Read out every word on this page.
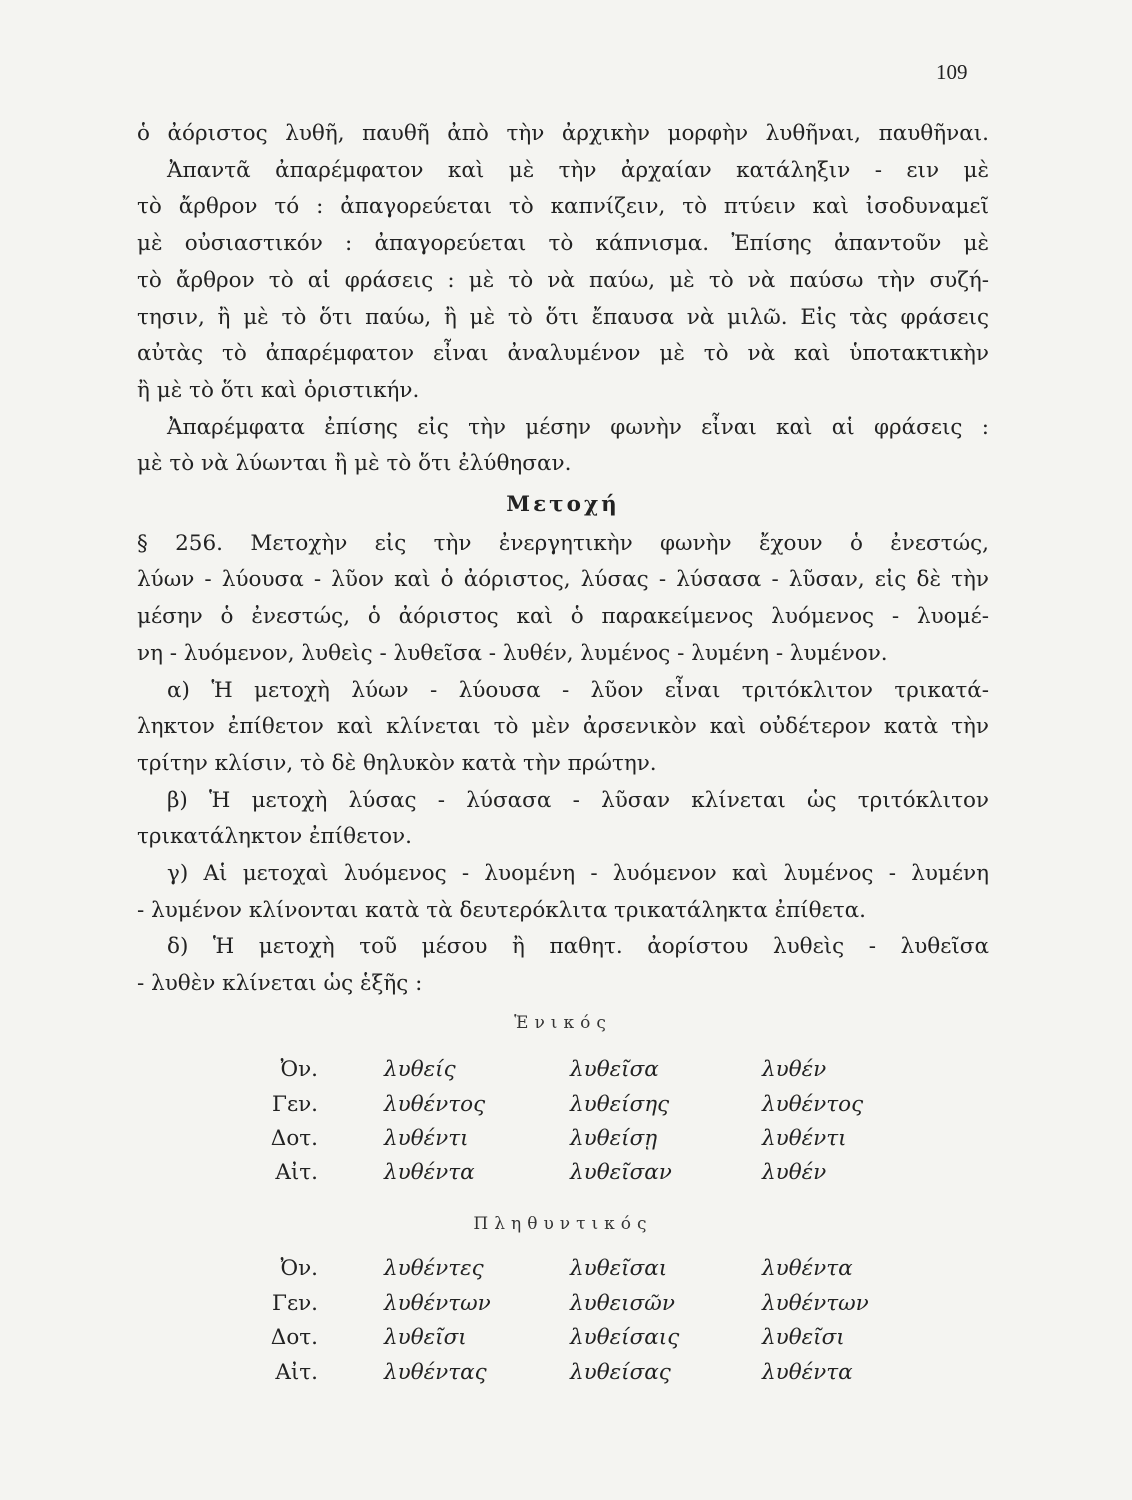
109
ὁ ἀόριστος λυθῆ, παυθῆ ἀπὸ τὴν ἀρχικὴν μορφὴν λυθῆναι, παυθῆναι.
Ἀπαντᾶ ἀπαρέμφατον καὶ μὲ τὴν ἀρχαίαν κατάληξιν - ειν μὲ
τὸ ἄρθρον τό : ἀπαγορεύεται τὸ καπνίζειν, τὸ πτύειν καὶ ἰσοδυναμεῖ
μὲ οὐσιαστικόν : ἀπαγορεύεται τὸ κάπνισμα. Ἐπίσης ἀπαντοῦν μὲ
τὸ ἄρθρον τὸ αἱ φράσεις : μὲ τὸ νὰ παύω, μὲ τὸ νὰ παύσω τὴν συζή-
τησιν, ἢ μὲ τὸ ὅτι παύω, ἢ μὲ τὸ ὅτι ἔπαυσα νὰ μιλῶ. Εἰς τὰς φράσεις
αὐτὰς τὸ ἀπαρέμφατον εἶναι ἀναλυμένον μὲ τὸ νὰ καὶ ὑποτακτικὴν
ἢ μὲ τὸ ὅτι καὶ ὁριστικήν.
Ἀπαρέμφατα ἐπίσης εἰς τὴν μέσην φωνὴν εἶναι καὶ αἱ φράσεις :
μὲ τὸ νὰ λύωνται ἢ μὲ τὸ ὅτι ἐλύθησαν.
Μετοχή
§ 256. Μετοχὴν εἰς τὴν ἐνεργητικὴν φωνὴν ἔχουν ὁ ἐνεστώς,
λύων - λύουσα - λῦον καὶ ὁ ἀόριστος, λύσας - λύσασα - λῦσαν, εἰς δὲ τὴν
μέσην ὁ ἐνεστώς, ὁ ἀόριστος καὶ ὁ παρακείμενος λυόμενος - λυομέ-
νη - λυόμενον, λυθεὶς - λυθεῖσα - λυθέν, λυμένος - λυμένη - λυμένον.
α) Ἡ μετοχὴ λύων - λύουσα - λῦον εἶναι τριτόκλιτον τρικατά-
ληκτον ἐπίθετον καὶ κλίνεται τὸ μὲν ἀρσενικὸν καὶ οὐδέτερον κατὰ τὴν
τρίτην κλίσιν, τὸ δὲ θηλυκὸν κατὰ τὴν πρώτην.
β) Ἡ μετοχὴ λύσας - λύσασα - λῦσαν κλίνεται ὡς τριτόκλιτον
τρικατάληκτον ἐπίθετον.
γ) Αἱ μετοχαὶ λυόμενος - λυομένη - λυόμενον καὶ λυμένος - λυμένη
- λυμένον κλίνονται κατὰ τὰ δευτερόκλιτα τρικατάληκτα ἐπίθετα.
δ) Ἡ μετοχὴ τοῦ μέσου ἢ παθητ. ἀορίστου λυθεὶς - λυθεῖσα
- λυθὲν κλίνεται ὡς ἑξῆς :
Ἑνικός
Ὀν.	λυθείς	λυθεῖσα	λυθέν
Γεν.	λυθέντος	λυθείσης	λυθέντος
Δοτ.	λυθέντι	λυθείσῃ	λυθέντι
Αἰτ.	λυθέντα	λυθεῖσαν	λυθέν
Πληθυντικός
Ὀν.	λυθέντες	λυθεῖσαι	λυθέντα
Γεν.	λυθέντων	λυθεισῶν	λυθέντων
Δοτ.	λυθεῖσι	λυθείσαις	λυθεῖσι
Αἰτ.	λυθέντας	λυθείσας	λυθέντα
